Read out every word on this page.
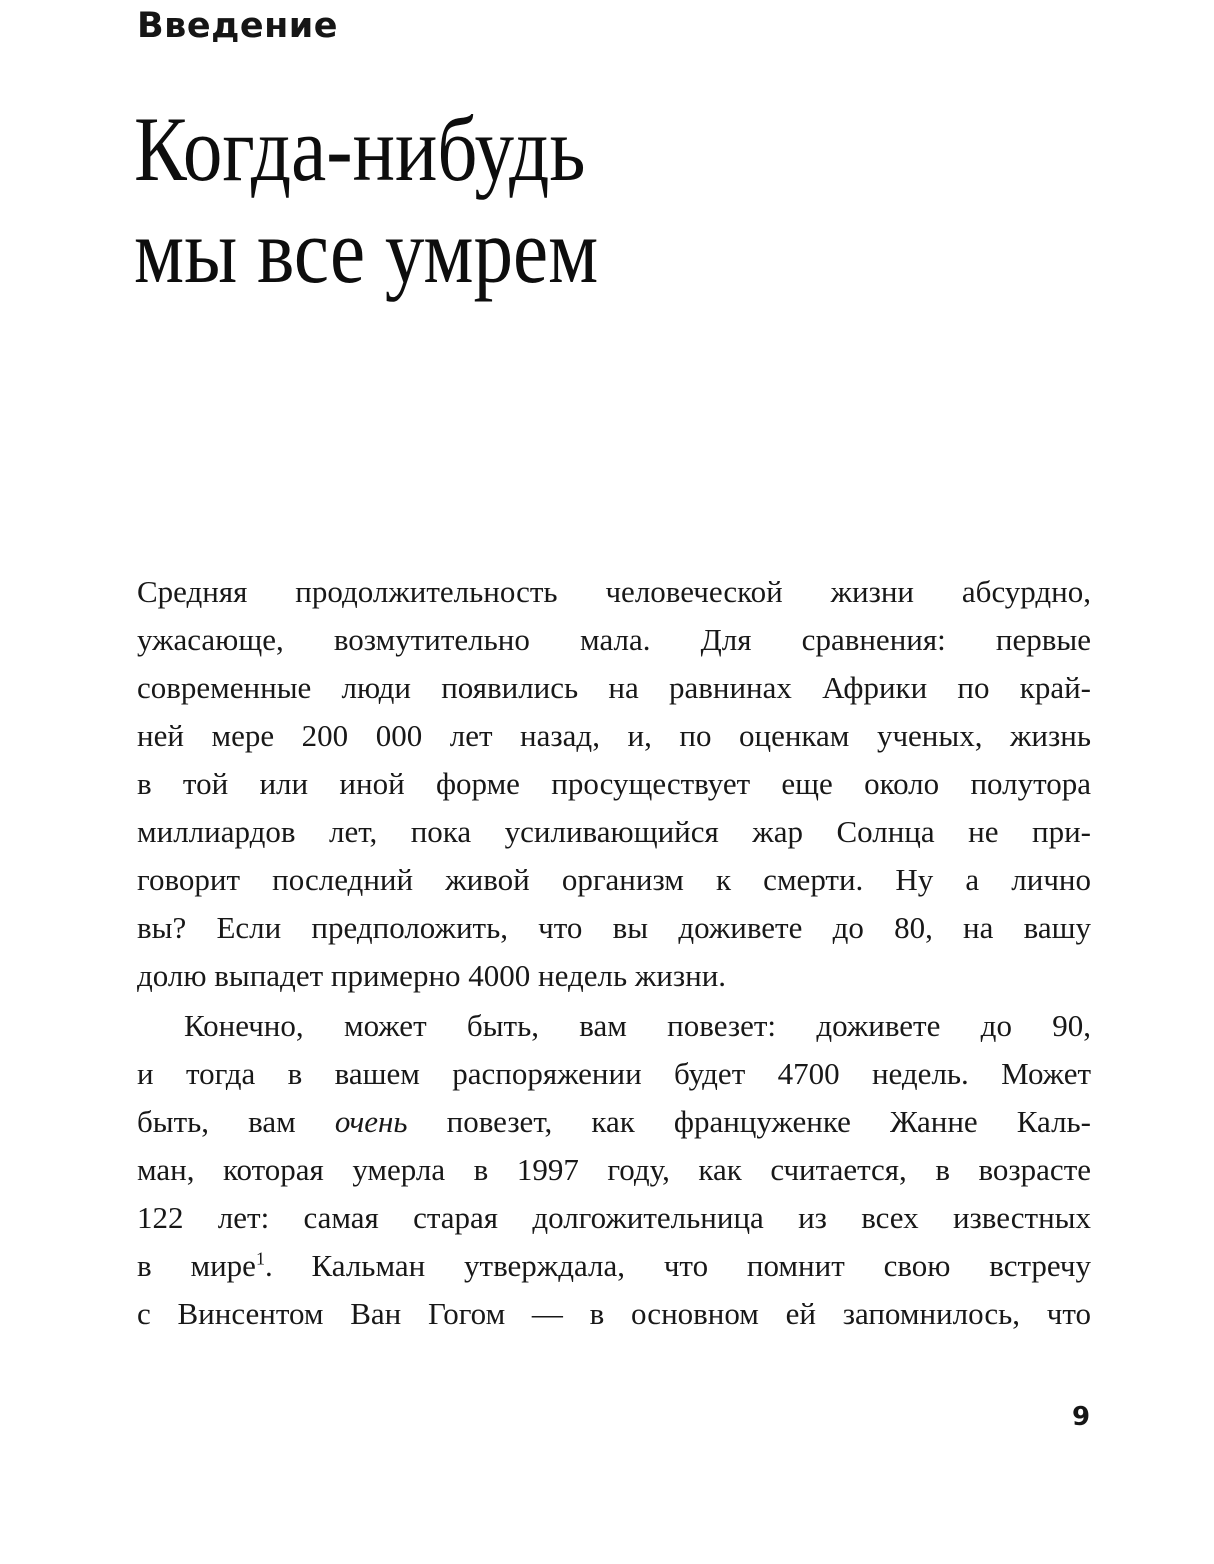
Введение
Когда-нибудь
мы все умрем
Средняя продолжительность человеческой жизни абсурдно,
ужасающе, возмутительно мала. Для сравнения: первые
современные люди появились на равнинах Африки по край-
ней мере 200 000 лет назад, и, по оценкам ученых, жизнь
в той или иной форме просуществует еще около полутора
миллиардов лет, пока усиливающийся жар Солнца не при-
говорит последний живой организм к смерти. Ну а лично
вы? Если предположить, что вы доживете до 80, на вашу
долю выпадет примерно 4000 недель жизни.
Конечно, может быть, вам повезет: доживете до 90,
и тогда в вашем распоряжении будет 4700 недель. Может
быть, вам очень повезет, как француженке Жанне Каль-
ман, которая умерла в 1997 году, как считается, в возрасте
122 лет: самая старая долгожительница из всех известных
в мире$^1$. Кальман утверждала, что помнит свою встречу
с Винсентом Ван Гогом — в основном ей запомнилось, что
9
